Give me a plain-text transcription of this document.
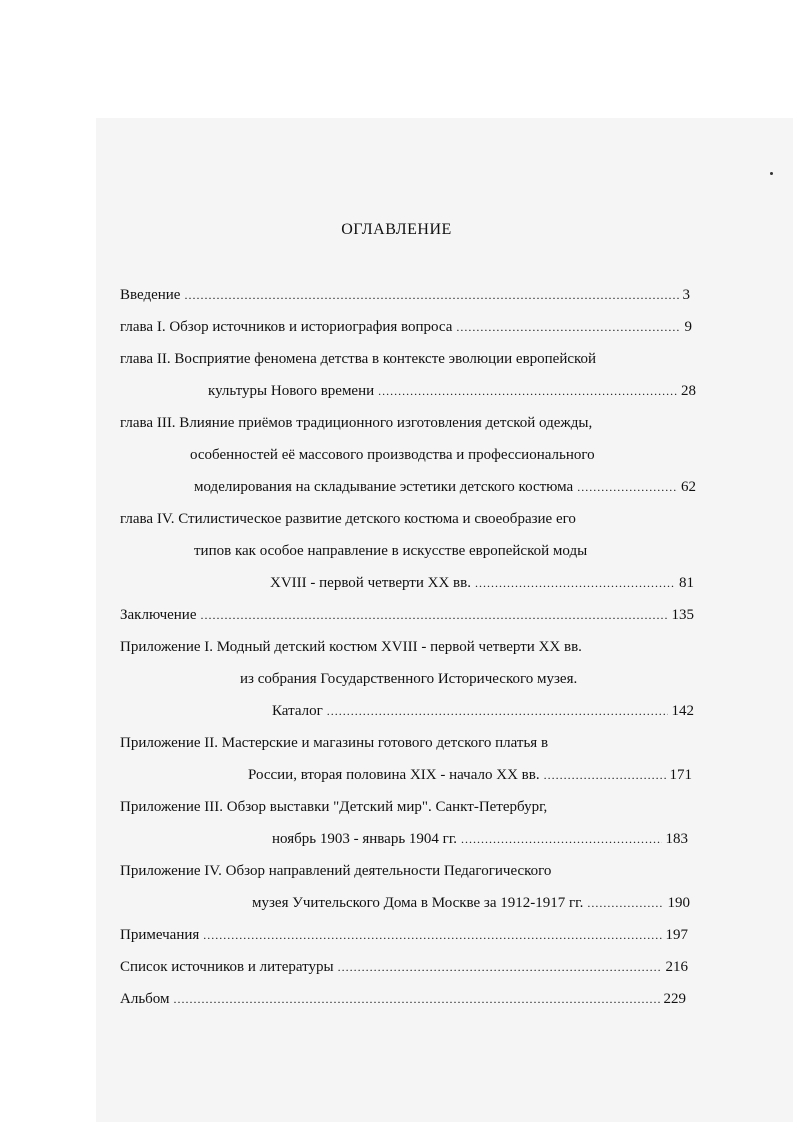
ОГЛАВЛЕНИЕ
Введение .....	3
глава I. Обзор источников и историография вопроса .....	9
глава II. Восприятие феномена детства в контексте эволюции европейской
культуры Нового времени .....	28
глава III. Влияние приёмов традиционного изготовления детской одежды,
особенностей её массового производства и профессионального
моделирования на складывание эстетики детского костюма .....	62
глава IV. Стилистическое развитие детского костюма и своеобразие его
типов как особое направление в искусстве европейской моды
XVIII - первой четверти XX вв. .....	81
Заключение .....	135
Приложение I. Модный детский костюм XVIII - первой четверти XX вв.
из собрания Государственного Исторического музея.
Каталог .....	142
Приложение II. Мастерские и магазины готового детского платья в
России, вторая половина XIX - начало XX вв. .....	171
Приложение III. Обзор выставки "Детский мир". Санкт-Петербург,
ноябрь 1903 - январь 1904 гг. .....	183
Приложение IV. Обзор направлений деятельности Педагогического
музея Учительского Дома в Москве за 1912-1917 гг. .....	190
Примечания .....	197
Список источников и литературы .....	216
Альбом .....	229
